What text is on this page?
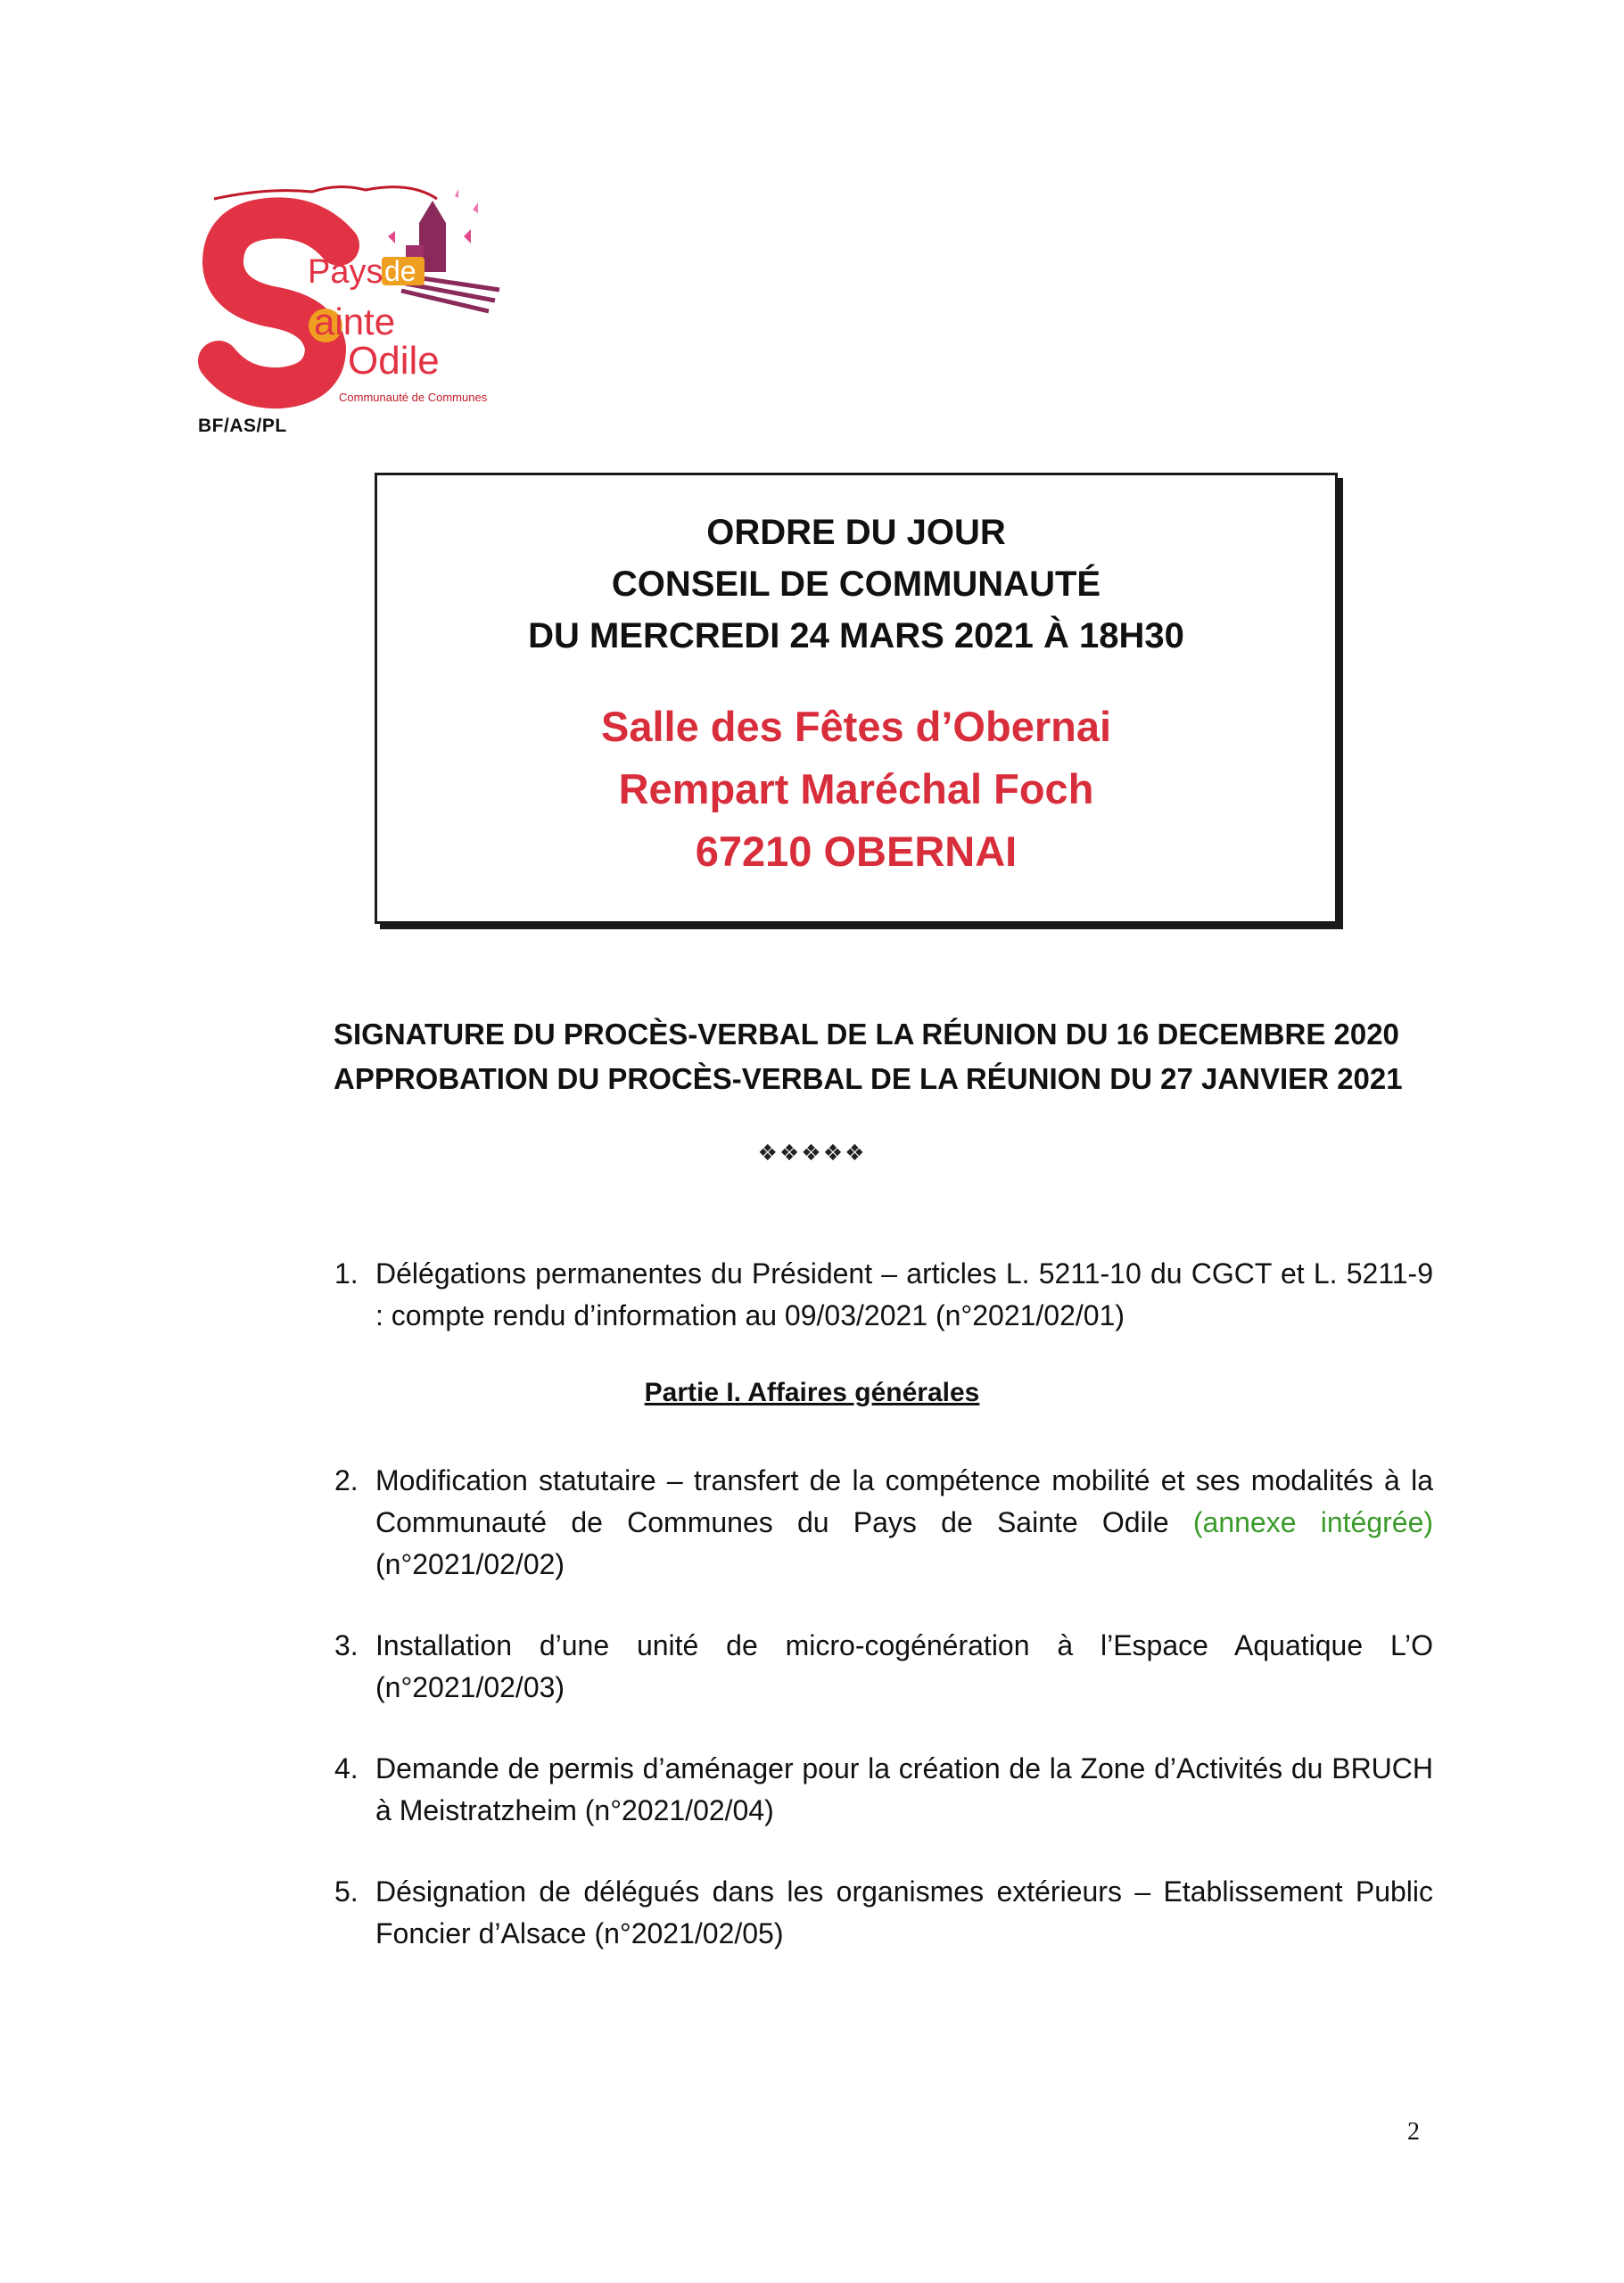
Pays de
ainte
Odile
Communauté de Communes
BF/AS/PL
ORDRE DU JOUR
CONSEIL DE COMMUNAUTÉ
DU MERCREDI 24 MARS 2021 À 18H30
Salle des Fêtes d’Obernai
Rempart Maréchal Foch
67210 OBERNAI
SIGNATURE DU PROCÈS-VERBAL DE LA RÉUNION DU 16 DECEMBRE 2020
APPROBATION DU PROCÈS-VERBAL DE LA RÉUNION DU 27 JANVIER 2021
❖❖❖❖❖
1. Délégations permanentes du Président – articles L. 5211-10 du CGCT et L. 5211-9 : compte rendu d’information au 09/03/2021 (n°2021/02/01)
Partie I. Affaires générales
2. Modification statutaire – transfert de la compétence mobilité et ses modalités à la Communauté de Communes du Pays de Sainte Odile (annexe intégrée) (n°2021/02/02)
3. Installation d’une unité de micro-cogénération à l’Espace Aquatique L’O (n°2021/02/03)
4. Demande de permis d’aménager pour la création de la Zone d’Activités du BRUCH à Meistratzheim (n°2021/02/04)
5. Désignation de délégués dans les organismes extérieurs – Etablissement Public Foncier d’Alsace (n°2021/02/05)
2
